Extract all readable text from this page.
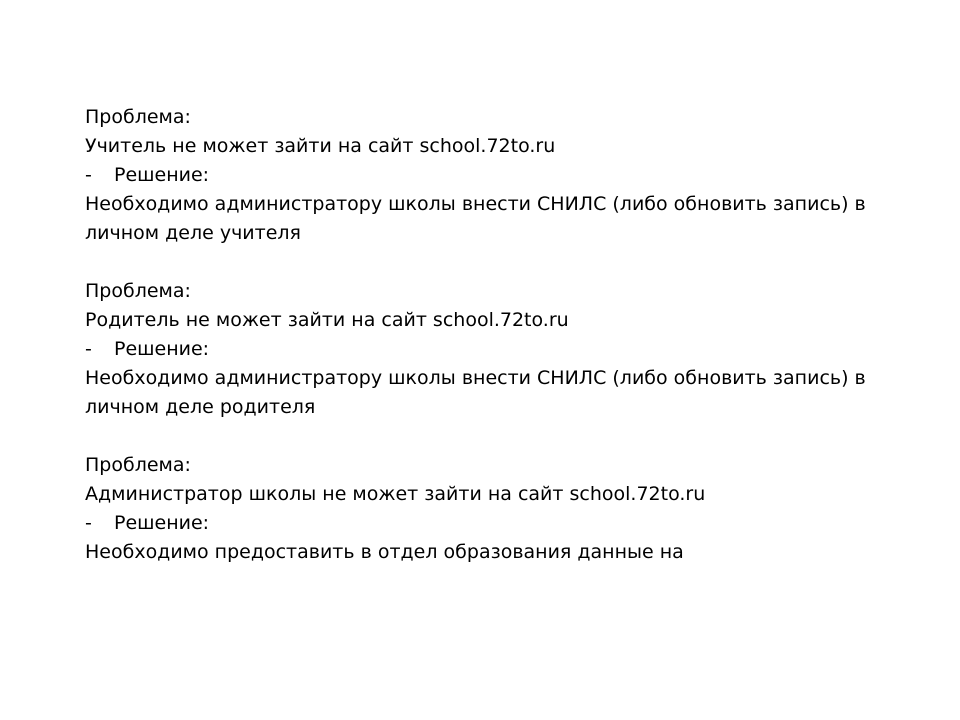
Проблема:
Учитель не может зайти на сайт school.72to.ru
- Решение:
Необходимо администратору школы внести СНИЛС (либо обновить запись) в личном деле учителя
Проблема:
Родитель не может зайти на сайт school.72to.ru
- Решение:
Необходимо администратору школы внести СНИЛС (либо обновить запись) в личном деле родителя
Проблема:
Администратор школы не может зайти на сайт school.72to.ru
- Решение:
Необходимо предоставить в отдел образования данные на
